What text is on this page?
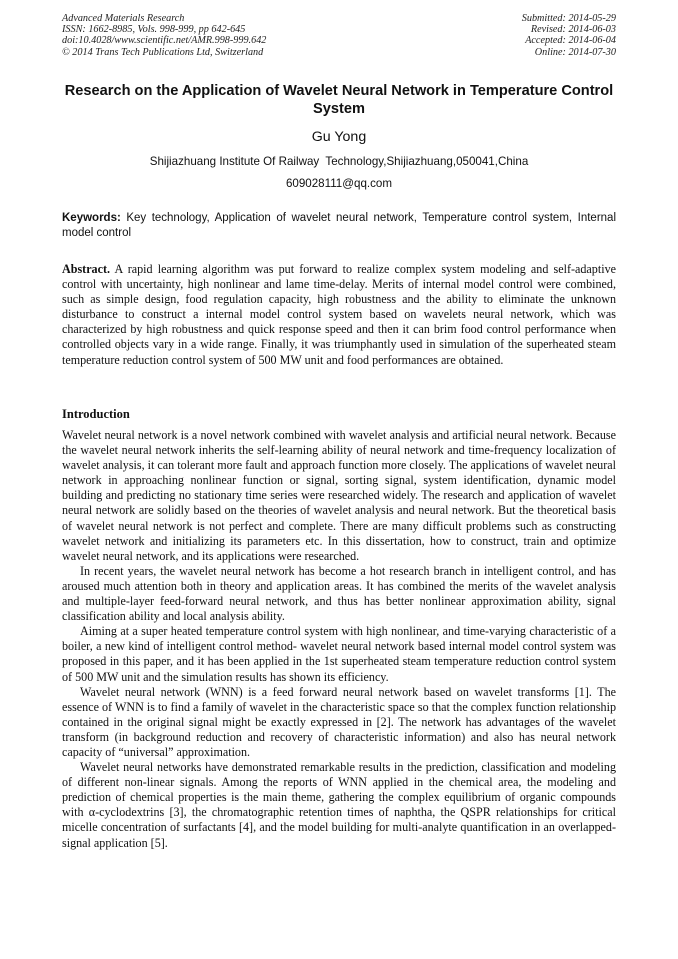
Advanced Materials Research
ISSN: 1662-8985, Vols. 998-999, pp 642-645
doi:10.4028/www.scientific.net/AMR.998-999.642
© 2014 Trans Tech Publications Ltd, Switzerland
Submitted: 2014-05-29
Revised: 2014-06-03
Accepted: 2014-06-04
Online: 2014-07-30
Research on the Application of Wavelet Neural Network in Temperature Control System
Gu Yong
Shijiazhuang Institute Of Railway  Technology,Shijiazhuang,050041,China
609028111@qq.com
Keywords: Key technology, Application of wavelet neural network, Temperature control system, Internal model control
Abstract. A rapid learning algorithm was put forward to realize complex system modeling and self-adaptive control with uncertainty, high nonlinear and lame time-delay. Merits of internal model control were combined, such as simple design, food regulation capacity, high robustness and the ability to eliminate the unknown disturbance to construct a internal model control system based on wavelets neural network, which was characterized by high robustness and quick response speed and then it can brim food control performance when controlled objects vary in a wide range. Finally, it was triumphantly used in simulation of the superheated steam temperature reduction control system of 500 MW unit and food performances are obtained.
Introduction

Wavelet neural network is a novel network combined with wavelet analysis and artificial neural network. Because the wavelet neural network inherits the self-learning ability of neural network and time-frequency localization of wavelet analysis, it can tolerant more fault and approach function more closely. The applications of wavelet neural network in approaching nonlinear function or signal, sorting signal, system identification, dynamic model building and predicting no stationary time series were researched widely. The research and application of wavelet neural network are solidly based on the theories of wavelet analysis and neural network. But the theoretical basis of wavelet neural network is not perfect and complete. There are many difficult problems such as constructing wavelet network and initializing its parameters etc. In this dissertation, how to construct, train and optimize wavelet neural network, and its applications were researched.

In recent years, the wavelet neural network has become a hot research branch in intelligent control, and has aroused much attention both in theory and application areas. It has combined the merits of the wavelet analysis and multiple-layer feed-forward neural network, and thus has better nonlinear approximation ability, signal classification ability and local analysis ability.

Aiming at a super heated temperature control system with high nonlinear, and time-varying characteristic of a boiler, a new kind of intelligent control method- wavelet neural network based internal model control system was proposed in this paper, and it has been applied in the 1st superheated steam temperature reduction control system of 500 MW unit and the simulation results has shown its efficiency.

Wavelet neural network (WNN) is a feed forward neural network based on wavelet transforms [1]. The essence of WNN is to find a family of wavelet in the characteristic space so that the complex function relationship contained in the original signal might be exactly expressed in [2]. The network has advantages of the wavelet transform (in background reduction and recovery of characteristic information) and also has neural network capacity of “universal” approximation.

Wavelet neural networks have demonstrated remarkable results in the prediction, classification and modeling of different non-linear signals. Among the reports of WNN applied in the chemical area, the modeling and prediction of chemical properties is the main theme, gathering the complex equilibrium of organic compounds with α-cyclodextrins [3], the chromatographic retention times of naphtha, the QSPR relationships for critical micelle concentration of surfactants [4], and the model building for multi-analyte quantification in an overlapped-signal application [5].
